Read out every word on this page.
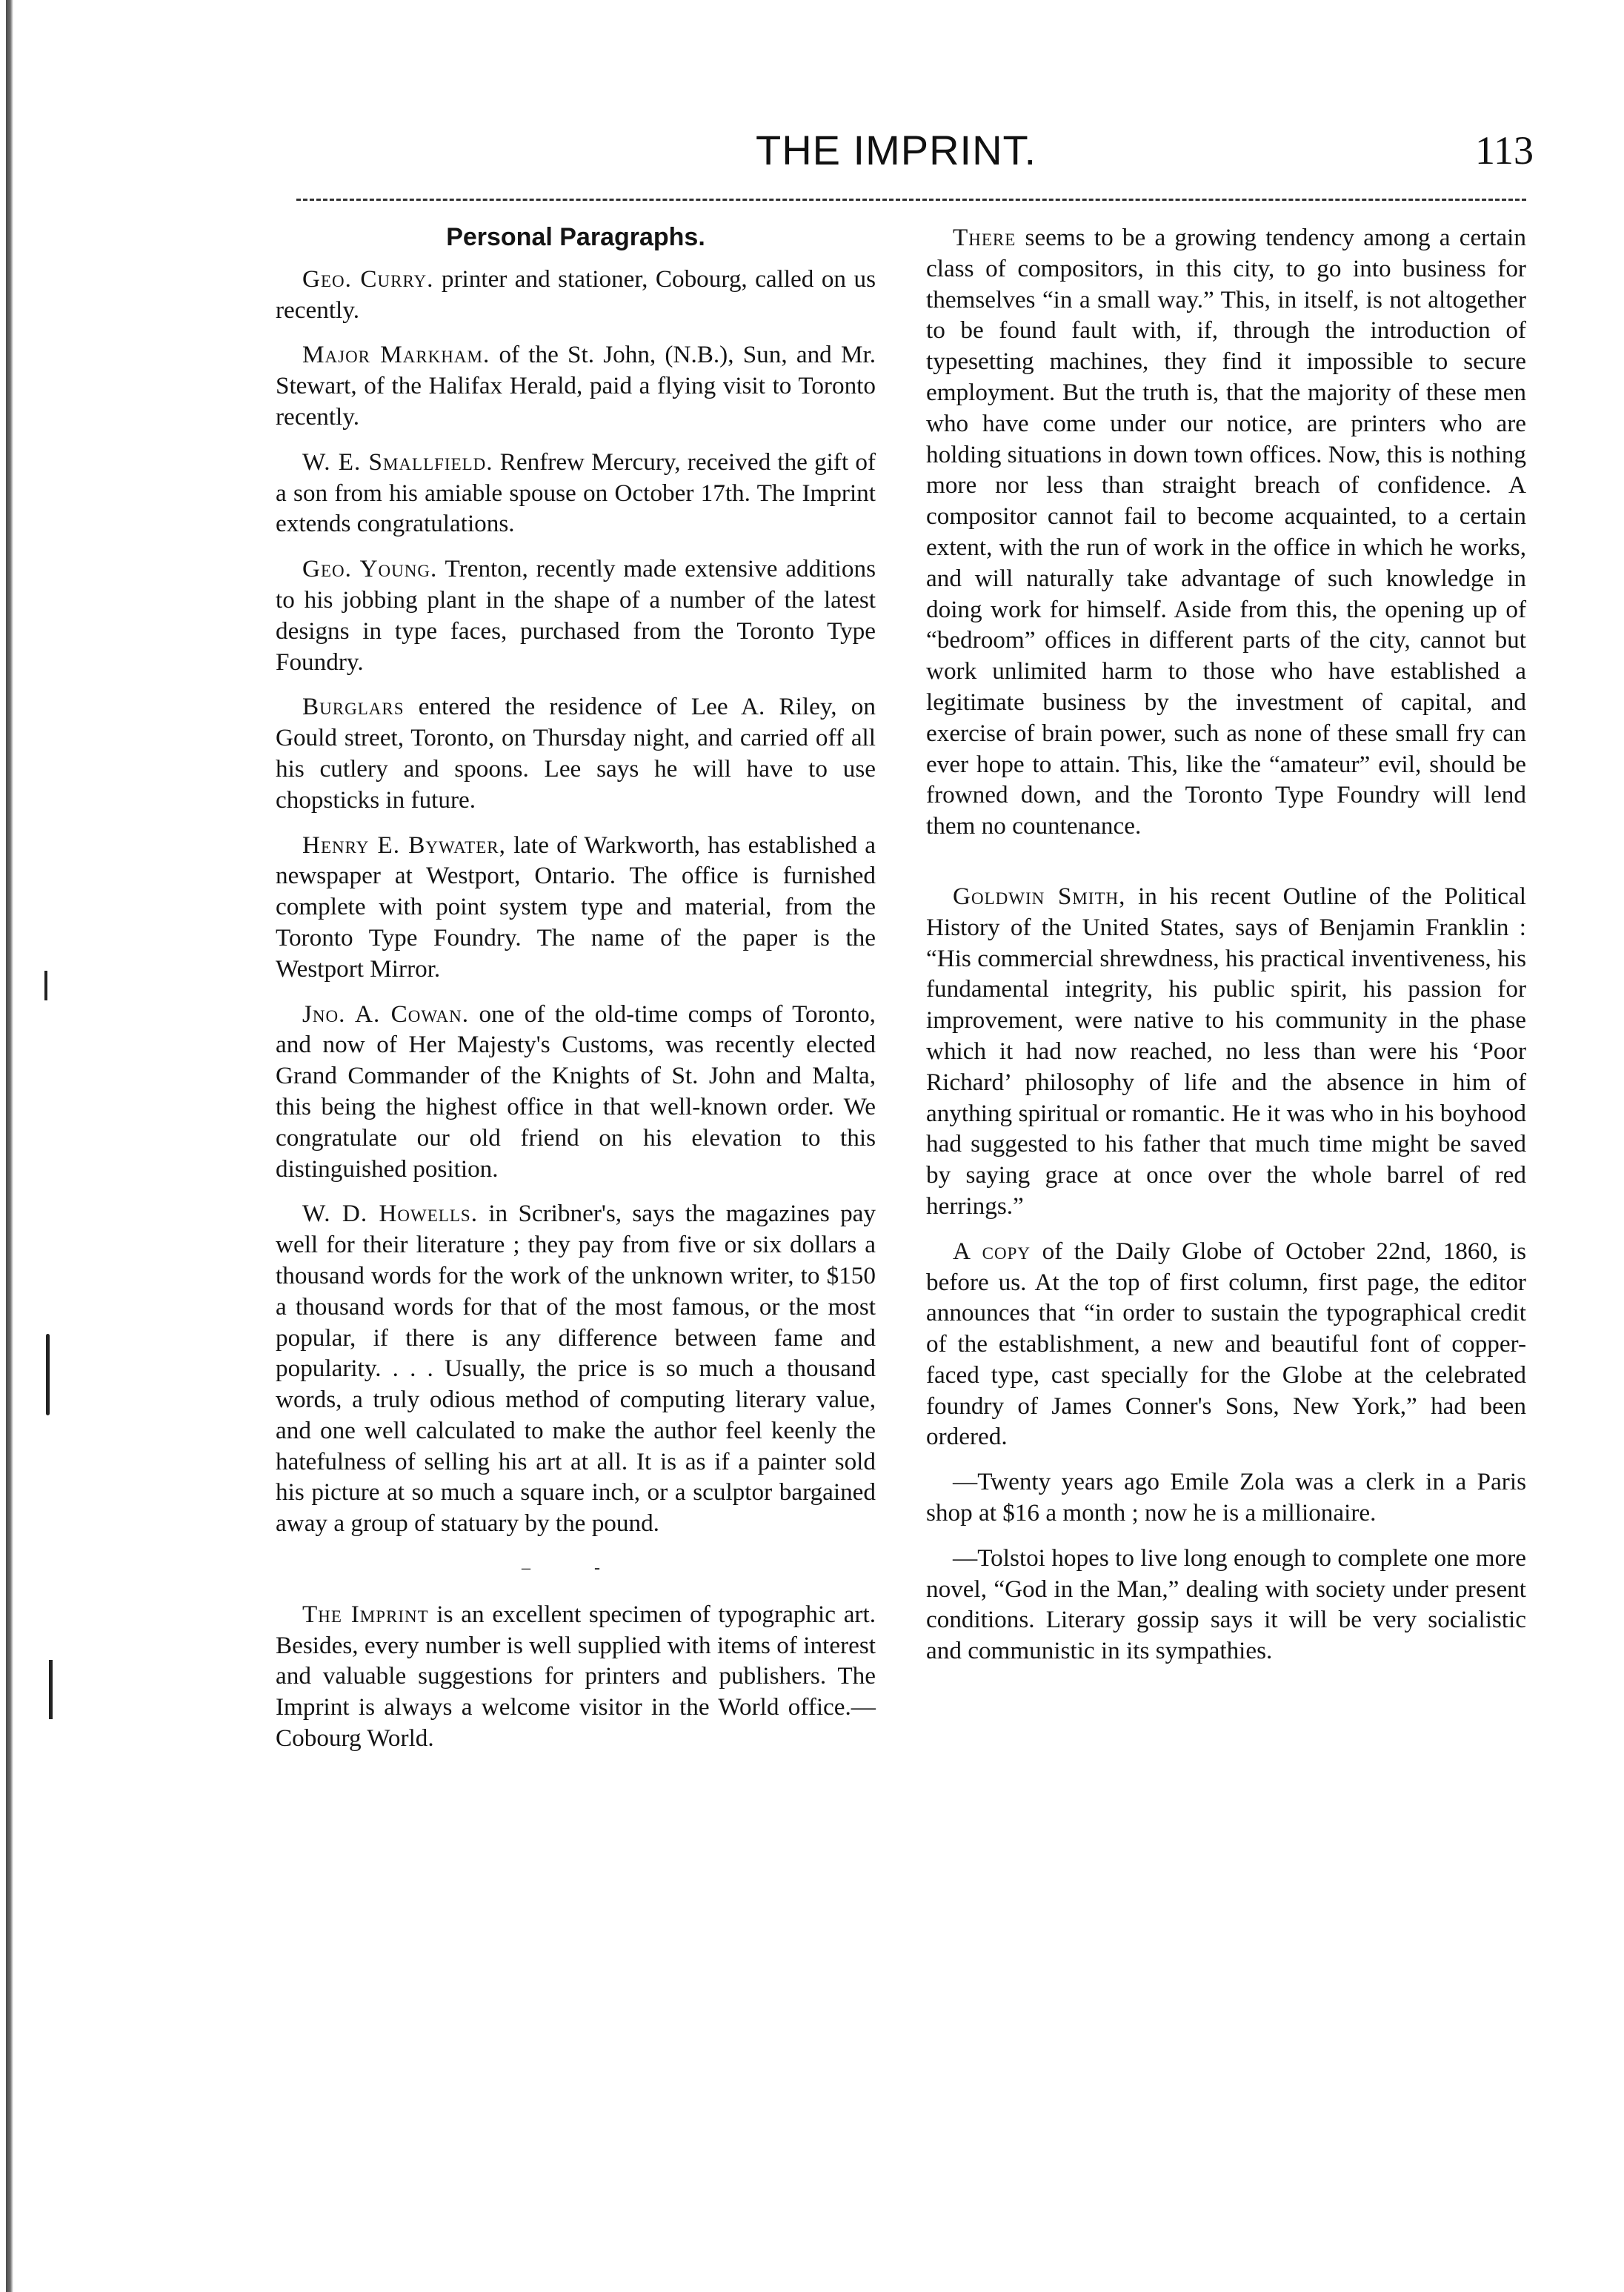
THE IMPRINT.	113
Personal Paragraphs.

Geo. Curry. printer and stationer, Cobourg, called on us recently.

Major Markham. of the St. John, (N.B.), Sun, and Mr. Stewart, of the Halifax Herald, paid a flying visit to Toronto recently.

W. E. Smallfield. Renfrew Mercury, received the gift of a son from his amiable spouse on October 17th. The Imprint extends congratulations.

Geo. Young. Trenton, recently made extensive additions to his jobbing plant in the shape of a number of the latest designs in type faces, purchased from the Toronto Type Foundry.

Burglars entered the residence of Lee A. Riley, on Gould street, Toronto, on Thursday night, and carried off all his cutlery and spoons. Lee says he will have to use chopsticks in future.

Henry E. Bywater, late of Warkworth, has established a newspaper at Westport, Ontario. The office is furnished complete with point system type and material, from the Toronto Type Foundry. The name of the paper is the Westport Mirror.

Jno. A. Cowan. one of the old-time comps of Toronto, and now of Her Majesty's Customs, was recently elected Grand Commander of the Knights of St. John and Malta, this being the highest office in that well-known order. We congratulate our old friend on his elevation to this distinguished position.

W. D. Howells. in Scribner's, says the magazines pay well for their literature ; they pay from five or six dollars a thousand words for the work of the unknown writer, to $150 a thousand words for that of the most famous, or the most popular, if there is any difference between fame and popularity. . . . Usually, the price is so much a thousand words, a truly odious method of computing literary value, and one well calculated to make the author feel keenly the hatefulness of selling his art at all. It is as if a painter sold his picture at so much a square inch, or a sculptor bargained away a group of statuary by the pound.

– -

The Imprint is an excellent specimen of typographic art. Besides, every number is well supplied with items of interest and valuable suggestions for printers and publishers. The Imprint is always a welcome visitor in the World office.—Cobourg World.

There seems to be a growing tendency among a certain class of compositors, in this city, to go into business for themselves “in a small way.” This, in itself, is not altogether to be found fault with, if, through the introduction of typesetting machines, they find it impossible to secure employment. But the truth is, that the majority of these men who have come under our notice, are printers who are holding situations in down town offices. Now, this is nothing more nor less than straight breach of confidence. A compositor cannot fail to become acquainted, to a certain extent, with the run of work in the office in which he works, and will naturally take advantage of such knowledge in doing work for himself. Aside from this, the opening up of “bedroom” offices in different parts of the city, cannot but work unlimited harm to those who have established a legitimate business by the investment of capital, and exercise of brain power, such as none of these small fry can ever hope to attain. This, like the “amateur” evil, should be frowned down, and the Toronto Type Foundry will lend them no countenance.

Goldwin Smith, in his recent Outline of the Political History of the United States, says of Benjamin Franklin : “His commercial shrewdness, his practical inventiveness, his fundamental integrity, his public spirit, his passion for improvement, were native to his community in the phase which it had now reached, no less than were his ‘Poor Richard’ philosophy of life and the absence in him of anything spiritual or romantic. He it was who in his boyhood had suggested to his father that much time might be saved by saying grace at once over the whole barrel of red herrings.”

A copy of the Daily Globe of October 22nd, 1860, is before us. At the top of first column, first page, the editor announces that “in order to sustain the typographical credit of the establishment, a new and beautiful font of copper-faced type, cast specially for the Globe at the celebrated foundry of James Conner's Sons, New York,” had been ordered.

—Twenty years ago Emile Zola was a clerk in a Paris shop at $16 a month ; now he is a millionaire.

—Tolstoi hopes to live long enough to complete one more novel, “God in the Man,” dealing with society under present conditions. Literary gossip says it will be very socialistic and communistic in its sympathies.
